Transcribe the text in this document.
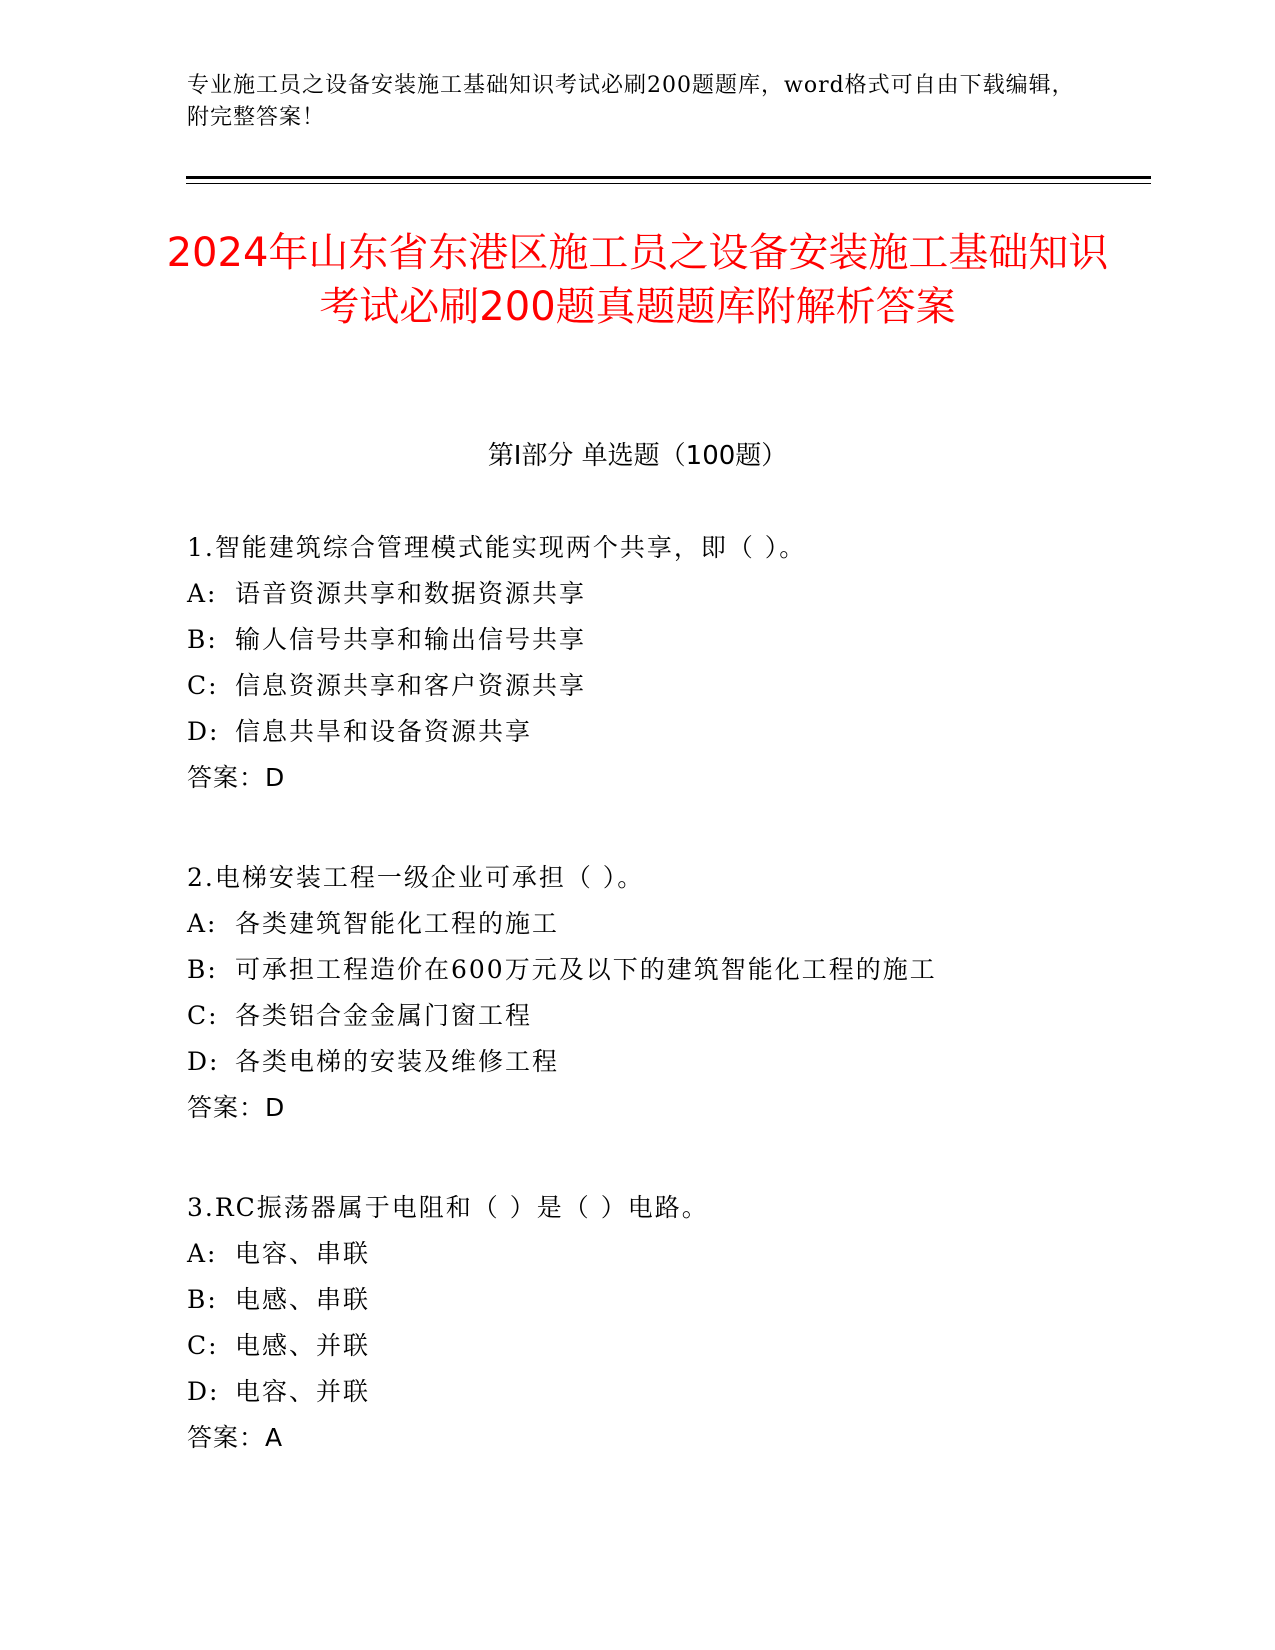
专业施工员之设备安装施工基础知识考试必刷200题题库，word格式可自由下载编辑，附完整答案！
2024年山东省东港区施工员之设备安装施工基础知识考试必刷200题真题题库附解析答案
第Ⅰ部分 单选题（100题）
1.智能建筑综合管理模式能实现两个共享，即（ ）。
A: 语音资源共享和数据资源共享
B: 输人信号共享和输出信号共享
C: 信息资源共享和客户资源共享
D: 信息共旱和设备资源共享
答案：D
2.电梯安装工程一级企业可承担（ ）。
A: 各类建筑智能化工程的施工
B: 可承担工程造价在600万元及以下的建筑智能化工程的施工
C: 各类铝合金金属门窗工程
D: 各类电梯的安装及维修工程
答案：D
3.RC振荡器属于电阻和（ ）是（ ）电路。
A: 电容、串联
B: 电感、串联
C: 电感、并联
D: 电容、并联
答案：A
